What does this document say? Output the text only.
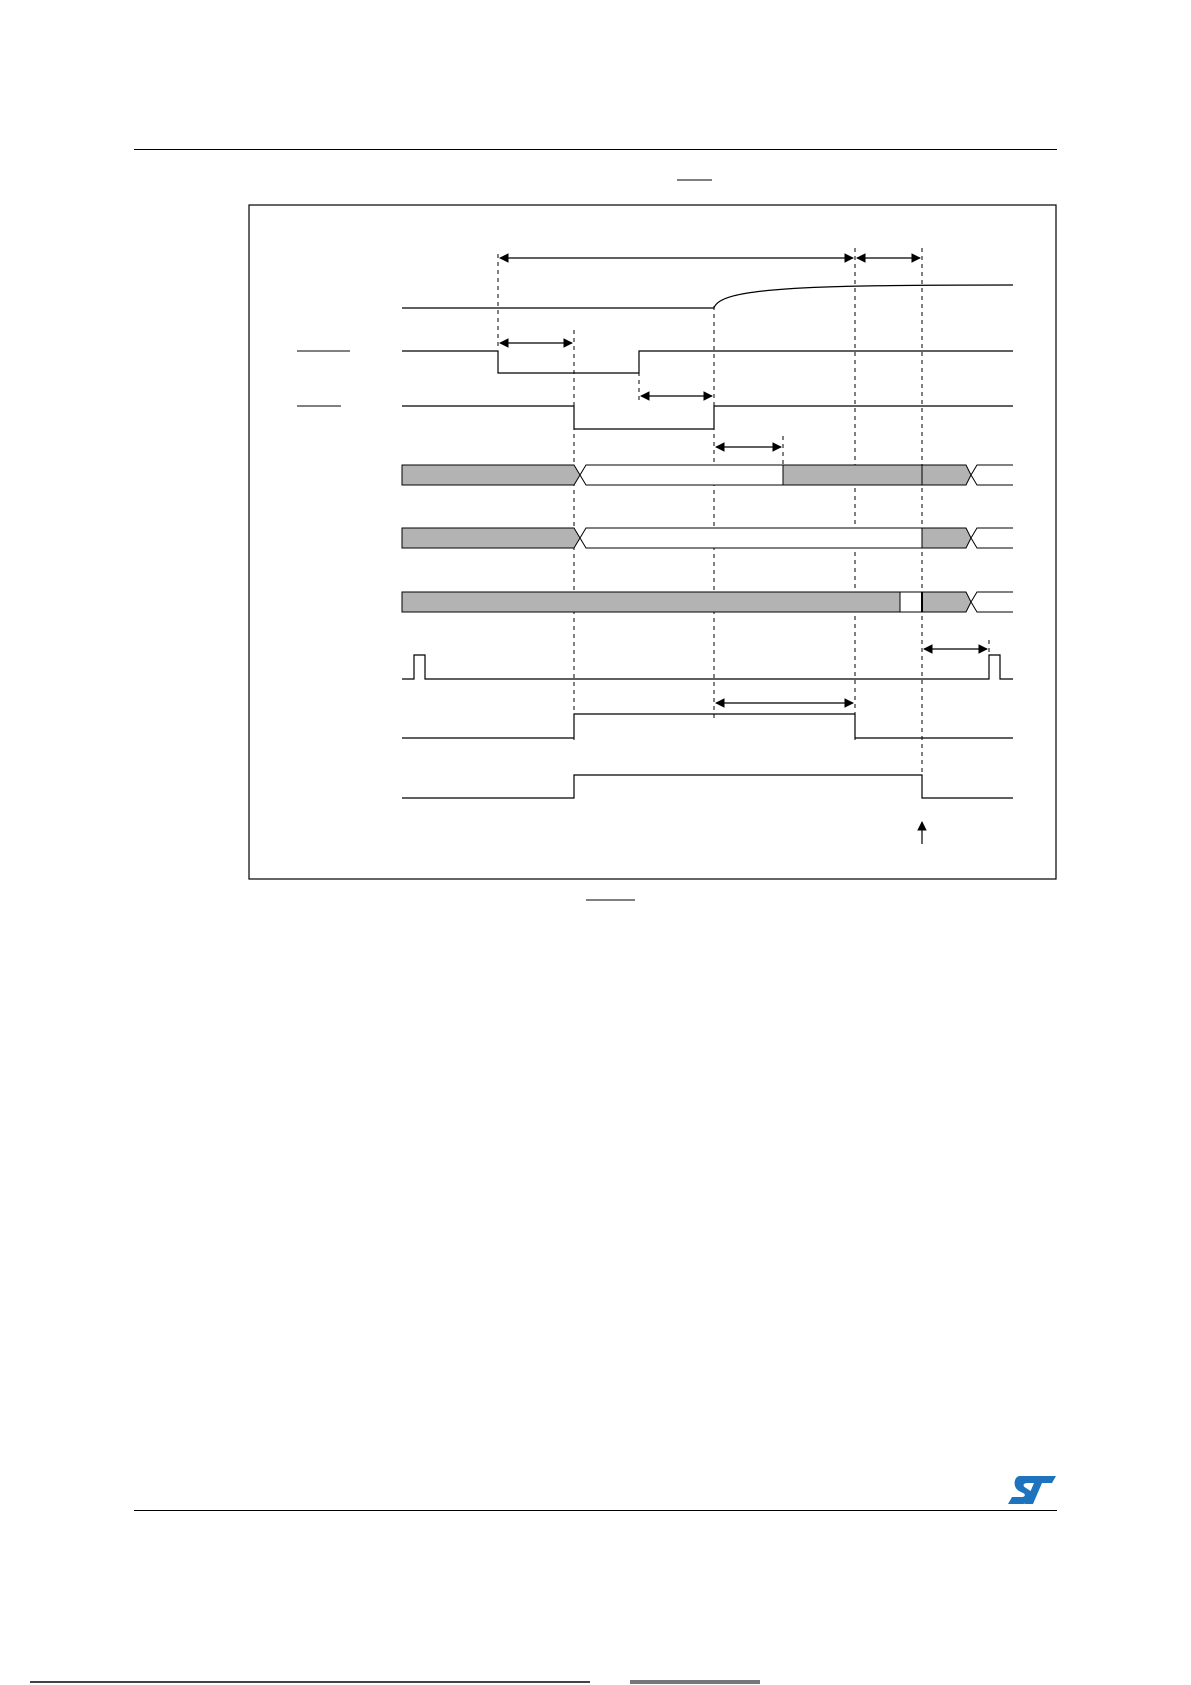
ST
